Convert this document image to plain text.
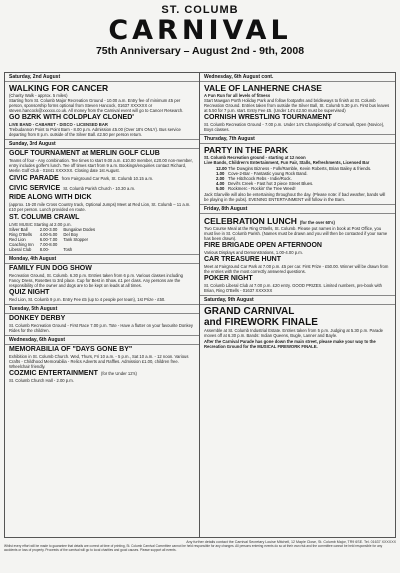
ST. COLUMB
CARNIVAL
75th Anniversary – August 2nd - 9th, 2008
Saturday, 2nd August
WALKING FOR CANCER
(Charity Walk - approx. 5 miles)
Starting from St. Columb Major Recreation Ground - 10.00 a.m. Entry fee of minimum £5 per person, sponsorship forms optional from Steven Hancock, 01637 XXXXXX or steven.hancock@xxxxxx.co.uk. All money from the Carnival event will go to Cancer Research.
GO BZRK WITH COLDPLAY CLONED'
LIVE BAND - CABARET - DISCO - LICENSED BAR
Trebudannon Point to Point Barn - 8.00 p.m. Admission £5.00 (Over 18's ONLY). Bus service departing from 8 p.m. outside of the Silver Ball. £2.50 per person return.
Sunday, 3rd August
GOLF TOURNAMENT at MERLIN GOLF CLUB
Teams of four - Any combination. Tee times to start 9.00 a.m. £10.00 member, £20.00 non-member, entry includes golfer's lunch. Tee off times start from 9 a.m. Bookings/enquiries contact Richard, Merlin Golf Club - 01841 XXXXXX. Closing date 1st August.
CIVIC PARADE from Fairground Car Park, St. Columb 10.15 a.m.
CIVIC SERVICE St. Columb Parish Church - 10.30 a.m.
RIDE ALONG WITH DICK
(approx. 15-20 mile Cross Country track, Optional Jumps) Meet at Red Lion, St. Columb – 11 a.m. £10 per person. Lunch provided en route.
ST. COLUMB CRAWL
LIVE MUSIC Starting at 2.00 p.m.
Silver Ball	2.00-3.00	Bungalow Dodes
Ring O'Bells	4.00-5.00	Del Boy
Red Lion	6.00-7.00	Tank Stopper
Coaching Inn	7.00-8.00	
Liberal Club	8.00-	Tosh
Monday, 4th August
FAMILY FUN DOG SHOW
Recreation Ground, St. Columb. 6.30 p.m. Entries taken from 6 p.m. Various classes including Fancy Dress, Rosettes to 3rd place. Cup for Best in Show. £1 per class. Any persons are the responsibility of the owner and dogs are to be kept on leads at all times.
QUIZ NIGHT
Red Lion, St. Columb 9 p.m. Entry Fee £5 (up to 4 people per team), 1st Prize - £50.
Tuesday, 5th August
DONKEY DERBY
St. Columb Recreation Ground - First Race 7.00 p.m. Tote - Have a flutter on your favourite Donkey Rides for the children.
Wednesday, 6th August
MEMORABILIA OF "DAYS GONE BY"
Exhibition in St. Columb Church. Wed, Thurs, Fri 10 a.m. - 5 p.m., Sat 10 a.m. - 12 noon. Various Crafts - Childhood Memorabilia - Relics Adverts and Raffles. Admission £1.00, children free. Wheelchair friendly.
COZMIC ENTERTAINMENT (for the Under 12's)
St. Columb Church Hall - 2.00 p.m.
Wednesday, 6th August cont.
VALE OF LANHERNE CHASE
A Fun Run for all levels of fitness
Start Mawgan Porth Holiday Park and follow footpaths and bridleways to finish at St. Columb Recreation Ground. Entries taken from outside the Silver Ball, St. Columb 5.30 p.m. First bus leaves at 5.50 for 7 p.m. start. Entry Fee £5. (Under 14's £2.50 must be supervised)
CORNISH WRESTLING TOURNAMENT
St. Columb Recreation Ground - 7.00 p.m. Under 14's Championship of Cornwall, Open (Novice), Boys classes.
Thursday, 7th August
PARTY IN THE PARK
St. Columb Recreation ground - starting at 12 noon
Live Bands, Children's Entertainment, Fun Fair, Stalls, Refreshments, Licensed Bar
12.00 The Dowgins Bizness - Folk/Ramble, Kevin Roberts, Brian Bailey & friends.
1.00 Cove-2-Bar - Fantastic young Rock Band.
2.00 The Hitchcock Rebs - Indie/Rock.
4.00 Devil's Creek - Fast hot 3 piece Street Blues.
5.00 Rockmerc - Rockin' the Tree Weed!
Jack Glanville will also be entertaining throughout the day. (Please note: if bad weather, bands will be playing in the pubs). EVENING ENTERTAINMENT will follow in the Barn.
Friday, 8th August
CELEBRATION LUNCH (for the over 60's)
Two Course Meal at the Ring O'Bells, St. Columb. Please put names in book at Post Office, you must live in St. Columb Parish. (Names must be drawn and you will then be contacted if your name has been drawn).
FIRE BRIGADE OPEN AFTERNOON
Various Displays and Demonstrations, 1.00-4.00 p.m.
CAR TREASURE HUNT
Meet at Fairground Car Park at 7.00 p.m. £5 per car. First Prize - £50.00. Winner will be drawn from the entries with the most correctly answered questions.
POKER NIGHT
St. Columb Liberal Club at 7.00 p.m. £20 entry. GOOD PRIZES. Limited numbers, pre-book with Brian, Ring O'Bells - 01637 XXXXXX
Saturday, 9th August
GRAND CARNIVAL
and FIREWORK FINALE
Assemble at St. Columb Industrial Estate. Entries taken from 5 p.m. Judging at 5.30 p.m. Parade moves off at 6.30 p.m. Bands: Indian Queens, Bugle, Lanner and Bayle.
After the Carnival Parade has gone down the main street, please make your way to the Recreation Ground for the MUSICAL FIREWORK FINALE.
Any further details contact the Carnival Secretary Louise Mitchell, 12 Maple Close, St. Columb Major, TR9 6SE. Tel. 01637 XXXXXX
Whilst every effort will be made to guarantee that details are correct at time of printing, St. Columb Carnival Committee cannot be held responsible for any changes. All persons entering events do so at their own risk and the committee cannot be held responsible for any accidents or loss of property. Proceeds of the carnival will go to local charities and good causes. Please support all events.
